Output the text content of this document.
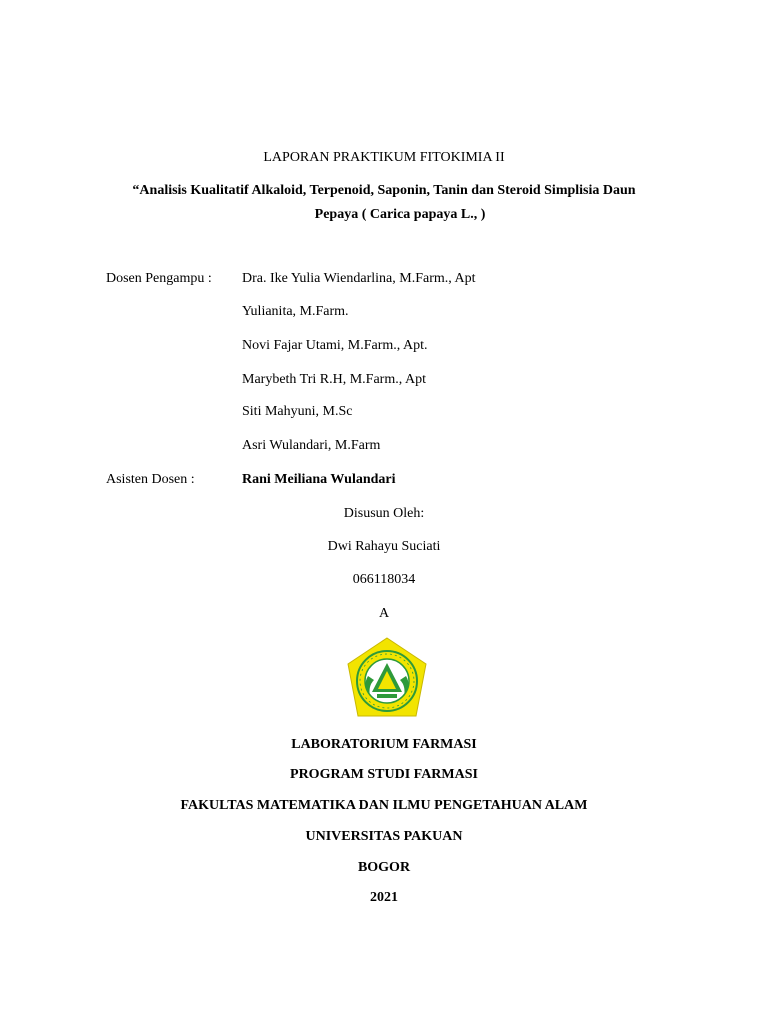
LAPORAN PRAKTIKUM FITOKIMIA II
“Analisis Kualitatif Alkaloid, Terpenoid, Saponin, Tanin dan Steroid Simplisia Daun
Pepaya ( Carica papaya L., )
Dosen Pengampu : Dra. Ike Yulia Wiendarlina, M.Farm., Apt
Yulianita, M.Farm.
Novi Fajar Utami, M.Farm., Apt.
Marybeth Tri R.H, M.Farm., Apt
Siti Mahyuni, M.Sc
Asri Wulandari, M.Farm
Asisten Dosen :	Rani Meiliana Wulandari
Disusun Oleh:
Dwi Rahayu Suciati
066118034
A
LABORATORIUM FARMASI
PROGRAM STUDI FARMASI
FAKULTAS MATEMATIKA DAN ILMU PENGETAHUAN ALAM
UNIVERSITAS PAKUAN
BOGOR
2021
